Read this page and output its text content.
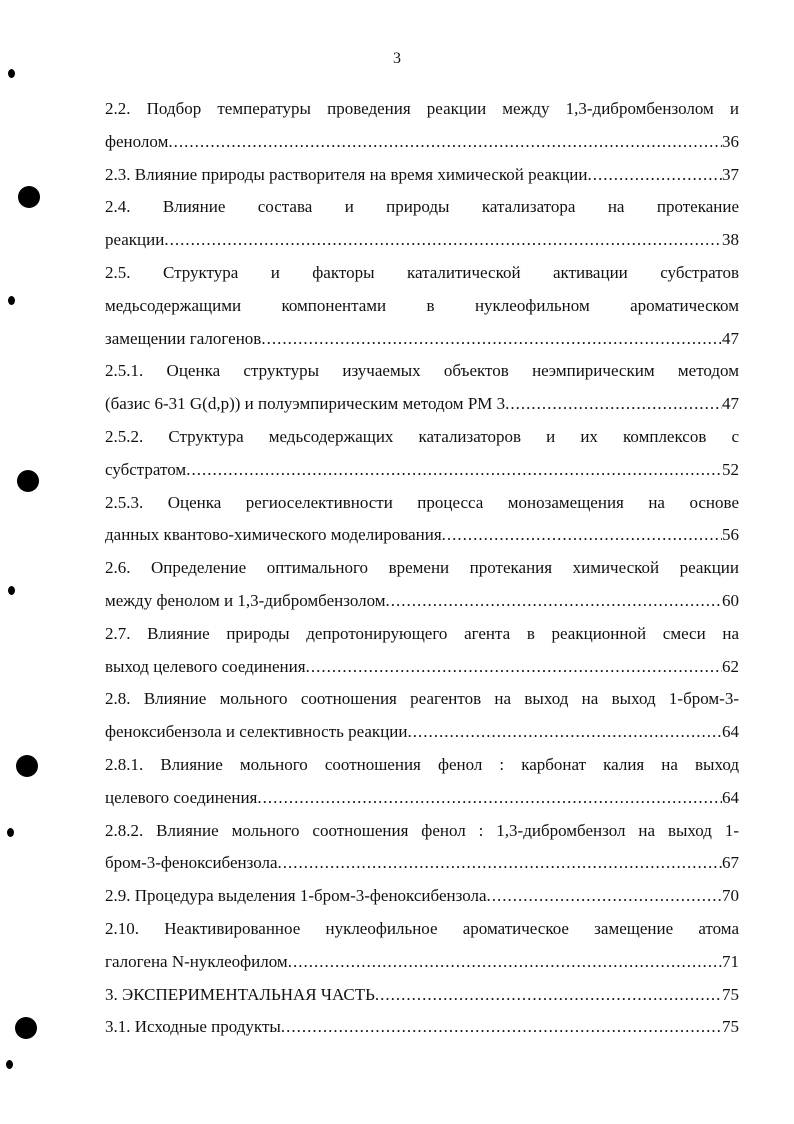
3
2.2. Подбор температуры проведения реакции между 1,3-дибромбензолом и
фенолом .....	36
2.3. Влияние природы растворителя на время химической реакции .....	37
2.4. Влияние состава и природы катализатора на протекание
реакции .....	38
2.5. Структура и факторы каталитической активации субстратов
медьсодержащими компонентами в нуклеофильном ароматическом
замещении галогенов .....	47
2.5.1. Оценка структуры изучаемых объектов неэмпирическим методом
(базис 6-31 G(d,p)) и полуэмпирическим методом PM 3 .....	47
2.5.2. Структура медьсодержащих катализаторов и их комплексов с
субстратом .....	52
2.5.3. Оценка региоселективности процесса монозамещения на основе
данных квантово-химического моделирования .....	56
2.6. Определение оптимального времени протекания химической реакции
между фенолом и 1,3-дибромбензолом .....	60
2.7. Влияние природы депротонирующего агента в реакционной смеси на
выход целевого соединения .....	62
2.8. Влияние мольного соотношения реагентов на выход на выход 1-бром-3-
феноксибензола и селективность реакции .....	64
2.8.1. Влияние мольного соотношения фенол : карбонат калия на выход
целевого соединения .....	64
2.8.2. Влияние мольного соотношения фенол : 1,3-дибромбензол на выход 1-
бром-3-феноксибензола .....	67
2.9. Процедура выделения 1-бром-3-феноксибензола .....	70
2.10. Неактивированное нуклеофильное ароматическое замещение атома
галогена N-нуклеофилом .....	71
3. ЭКСПЕРИМЕНТАЛЬНАЯ ЧАСТЬ .....	75
3.1. Исходные продукты .....	75
